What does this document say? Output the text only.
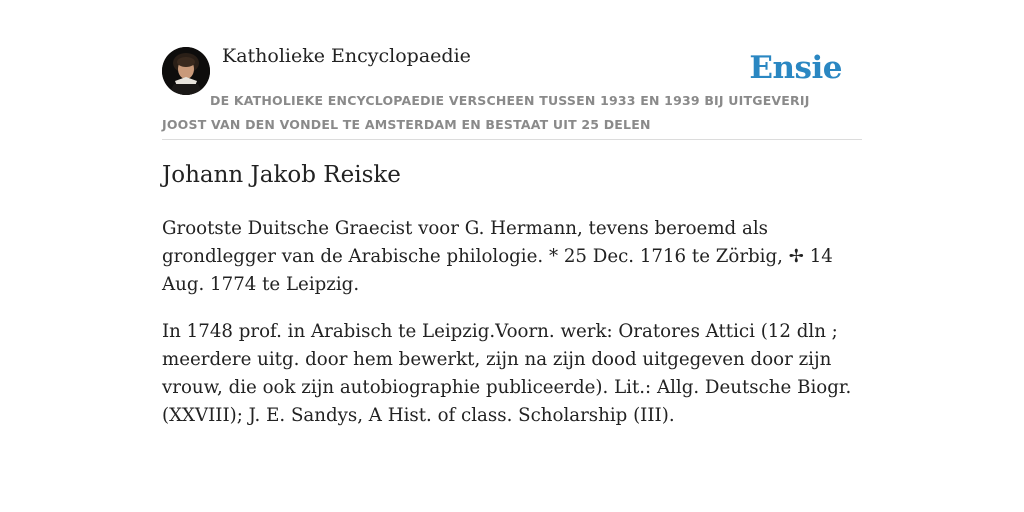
Katholieke Encyclopaedie	Ensie
DE KATHOLIEKE ENCYCLOPAEDIE VERSCHEEN TUSSEN 1933 EN 1939 BIJ UITGEVERIJ JOOST VAN DEN VONDEL TE AMSTERDAM EN BESTAAT UIT 25 DELEN
Johann Jakob Reiske

Grootste Duitsche Graecist voor G. Hermann, tevens beroemd als grondlegger van de Arabische philologie. * 25 Dec. 1716 te Zörbig, ✢ 14 Aug. 1774 te Leipzig.

In 1748 prof. in Arabisch te Leipzig.Voorn. werk: Oratores Attici (12 dln ; meerdere uitg. door hem bewerkt, zijn na zijn dood uitgegeven door zijn vrouw, die ook zijn autobiographie publiceerde). Lit.: Allg. Deutsche Biogr. (XXVIII); J. E. Sandys, A Hist. of class. Scholarship (III).
